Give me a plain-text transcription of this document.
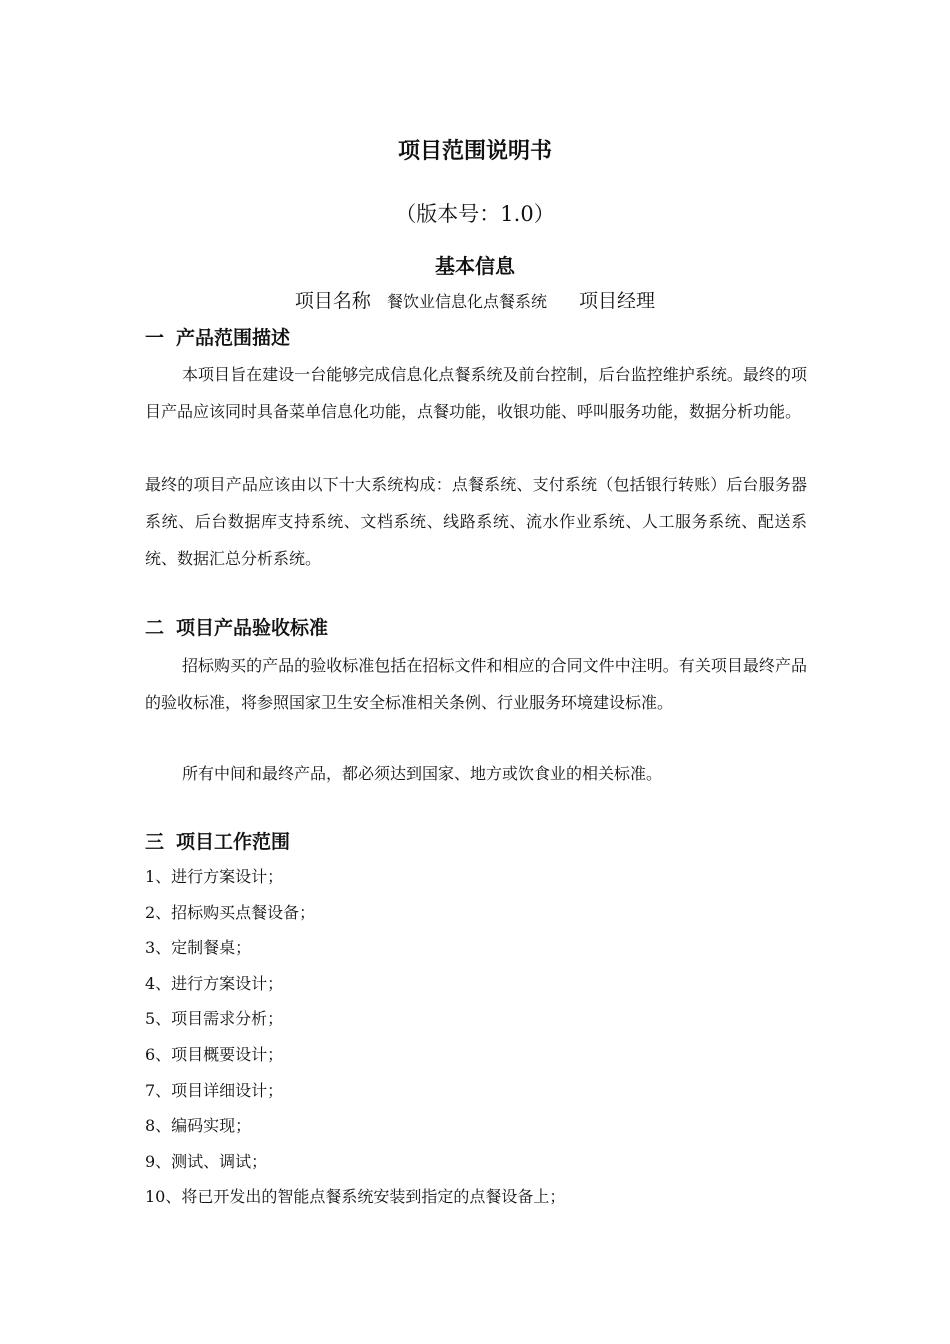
项目范围说明书
（版本号：1.0）
基本信息
项目名称 餐饮业信息化点餐系统 项目经理
一 产品范围描述
本项目旨在建设一台能够完成信息化点餐系统及前台控制，后台监控维护系统。最终的项目产品应该同时具备菜单信息化功能，点餐功能，收银功能、呼叫服务功能，数据分析功能。
最终的项目产品应该由以下十大系统构成：点餐系统、支付系统（包括银行转账）后台服务器系统、后台数据库支持系统、文档系统、线路系统、流水作业系统、人工服务系统、配送系统、数据汇总分析系统。
二 项目产品验收标准
招标购买的产品的验收标准包括在招标文件和相应的合同文件中注明。有关项目最终产品的验收标准，将参照国家卫生安全标准相关条例、行业服务环境建设标准。
所有中间和最终产品，都必须达到国家、地方或饮食业的相关标准。
三 项目工作范围
1、进行方案设计；
2、招标购买点餐设备；
3、定制餐桌；
4、进行方案设计；
5、项目需求分析；
6、项目概要设计；
7、项目详细设计；
8、编码实现；
9、测试、调试；
10、将已开发出的智能点餐系统安装到指定的点餐设备上；
